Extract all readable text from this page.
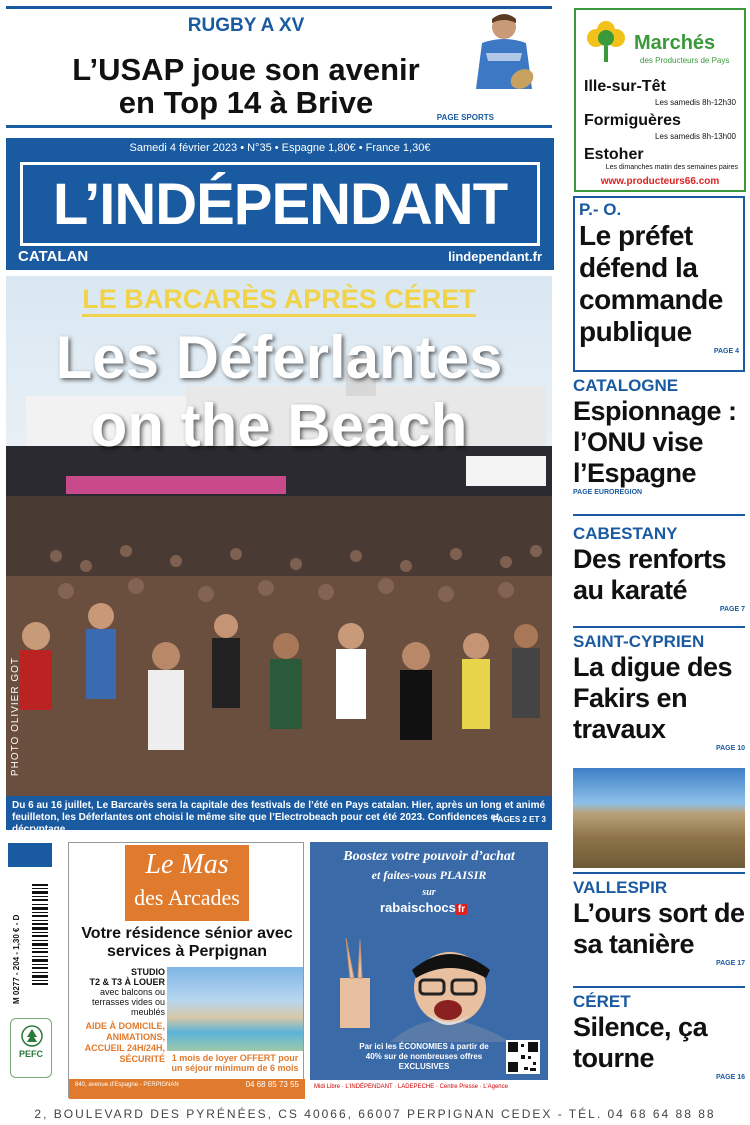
RUGBY A XV
L’USAP joue son avenir
en Top 14 à Brive	PAGE SPORTS
Samedi 4 février 2023 • N°35 • Espagne 1,80€ • France 1,30€
L’INDÉPENDANT
CATALAN	lindependant.fr
LE BARCARÈS APRÈS CÉRET
Les Déferlantes
on the Beach
PHOTO OLIVIER GOT
Du 6 au 16 juillet, Le Barcarès sera la capitale des festivals de l’été en Pays catalan. Hier, après un long et animé feuilleton, les Déferlantes ont choisi le même site que l’Electrobeach pour cet été 2023. Confidences et décryptage.
PAGES 2 ET 3
M 0277 - 204 - 1,30 € - D
PEFC
Le Mas
des Arcades
Votre résidence sénior avec services à Perpignan
STUDIO
T2 & T3 À LOUER
avec balcons ou terrasses vides ou meublés
AIDE À DOMICILE, ANIMATIONS, ACCUEIL 24H/24H, SÉCURITÉ 1 mois de loyer OFFERT pour un séjour minimum de 6 mois
840, avenue d’Espagne - PERPIGNAN	04 68 85 73 55
Boostez votre pouvoir d’achat
et faites-vous PLAISIR
sur
rabaischocs fr
Par ici les ÉCONOMIES à partir de 40% sur de nombreuses offres EXCLUSIVES
Midi Libre · L’INDÉPENDANT · LADEPECHE · Centre Presse · L’Agence
Marchés
des Producteurs de Pays
Ille-sur-Têt
Les samedis 8h-12h30
Formiguères
Les samedis 8h-13h00
Estoher
Les dimanches matin des semaines paires
www.producteurs66.com
P.- O.
Le préfet défend la commande publique
PAGE 4
CATALOGNE
Espionnage : l’ONU vise l’Espagne
PAGE EUROREGION
CABESTANY
Des renforts au karaté
PAGE 7
SAINT-CYPRIEN
La digue des Fakirs en travaux
PAGE 10
VALLESPIR
L’ours sort de sa tanière
PAGE 17
CÉRET
Silence, ça tourne
PAGE 16
2, BOULEVARD DES PYRÉNÉES, CS 40066, 66007 PERPIGNAN CEDEX - TÉL. 04 68 64 88 88
